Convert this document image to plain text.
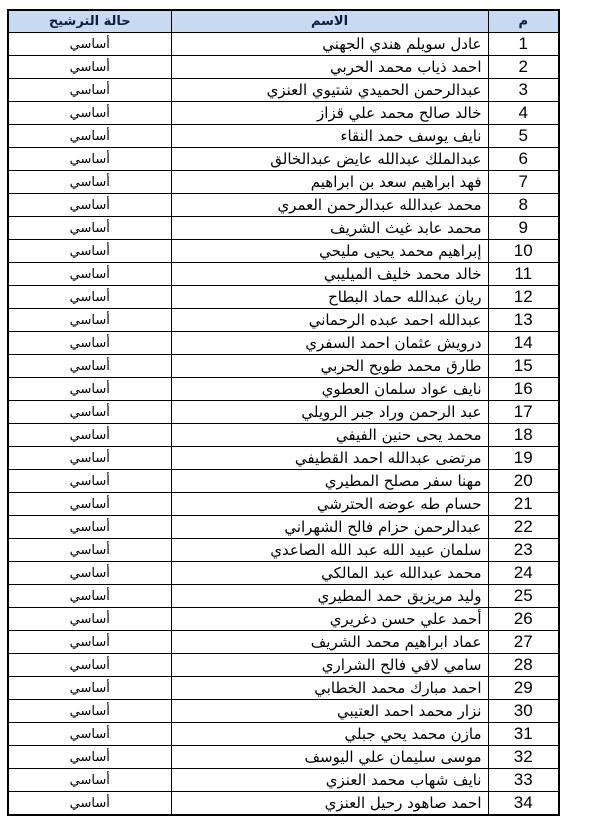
حالة الترشيح	الاسم	م
أساسي	عادل سويلم هندي الجهني	1
أساسي	احمد ذياب محمد الحربي	2
أساسي	عبدالرحمن الحميدي شتيوي العنزي	3
أساسي	خالد صالح محمد علي قزاز	4
أساسي	نايف يوسف حمد النقاء	5
أساسي	عبدالملك عبدالله عايض عبدالخالق	6
أساسي	فهد ابراهيم سعد بن ابراهيم	7
أساسي	محمد عبدالله عبدالرحمن العمري	8
أساسي	محمد عابد غيث الشريف	9
أساسي	إبراهيم محمد يحيى مليحي	10
أساسي	خالد محمد خليف الميليبي	11
أساسي	ريان عبدالله حماد البطاح	12
أساسي	عبدالله احمد عبده الرحماني	13
أساسي	درويش عثمان احمد السفري	14
أساسي	طارق محمد طويح الحربي	15
أساسي	نايف عواد سلمان العطوي	16
أساسي	عبد الرحمن وراد جبر الرويلي	17
أساسي	محمد يحى حنين الفيفي	18
أساسي	مرتضى عبدالله احمد القطيفي	19
أساسي	مهنا سفر مصلح المطيري	20
أساسي	حسام طه عوضه الحترشي	21
أساسي	عبدالرحمن حزام فالح الشهراني	22
أساسي	سلمان عبيد الله عبد الله الصاعدي	23
أساسي	محمد عبدالله عبد المالكي	24
أساسي	وليد مريزيق حمد المطيري	25
أساسي	أحمد علي حسن دغريري	26
أساسي	عماد ابراهيم محمد الشريف	27
أساسي	سامي لافي فالح الشراري	28
أساسي	احمد مبارك محمد الخطابي	29
أساسي	نزار محمد احمد العتيبي	30
أساسي	مازن محمد يحي جبلي	31
أساسي	موسى سليمان علي اليوسف	32
أساسي	نايف شهاب محمد العنزي	33
أساسي	احمد صاهود رحيل العنزي	34
